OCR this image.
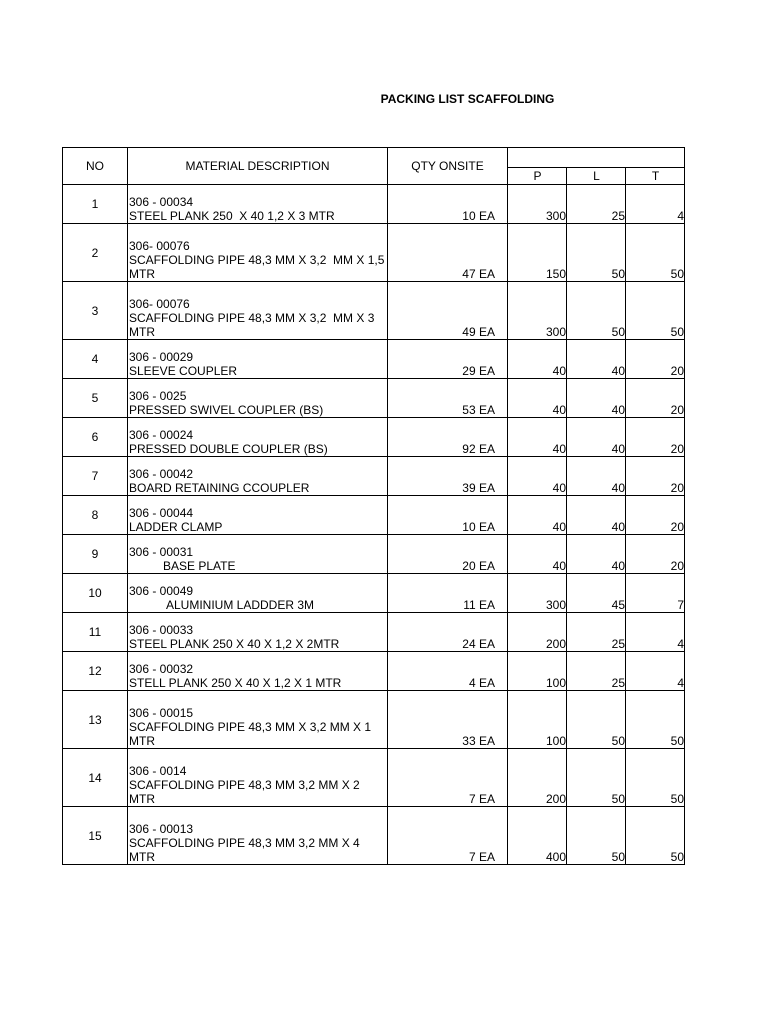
PACKING LIST SCAFFOLDING
NO	MATERIAL DESCRIPTION	QTY ONSITE			
			P	L	T
1	306 - 00034
STEEL PLANK 250  X 40 1,2 X 3 MTR	10 EA	300	25	4
2	306- 00076
SCAFFOLDING PIPE 48,3 MM X 3,2  MM X 1,5
MTR	47 EA	150	50	50
3	306- 00076
SCAFFOLDING PIPE 48,3 MM X 3,2  MM X 3
MTR	49 EA	300	50	50
4	306 - 00029
SLEEVE COUPLER	29 EA	40	40	20
5	306 - 0025
PRESSED SWIVEL COUPLER (BS)	53 EA	40	40	20
6	306 - 00024
PRESSED DOUBLE COUPLER (BS)	92 EA	40	40	20
7	306 - 00042
BOARD RETAINING CCOUPLER	39 EA	40	40	20
8	306 - 00044
LADDER CLAMP	10 EA	40	40	20
9	306 - 00031
BASE PLATE	20 EA	40	40	20
10	306 - 00049
ALUMINIUM LADDDER 3M	11 EA	300	45	7
11	306 - 00033
STEEL PLANK 250 X 40 X 1,2 X 2MTR	24 EA	200	25	4
12	306 - 00032
STELL PLANK 250 X 40 X 1,2 X 1 MTR	4 EA	100	25	4
13	306 - 00015
SCAFFOLDING PIPE 48,3 MM X 3,2 MM X 1
MTR	33 EA	100	50	50
14	306 - 0014
SCAFFOLDING PIPE 48,3 MM 3,2 MM X 2
MTR	7 EA	200	50	50
15	306 - 00013
SCAFFOLDING PIPE 48,3 MM 3,2 MM X 4
MTR	7 EA	400	50	50
